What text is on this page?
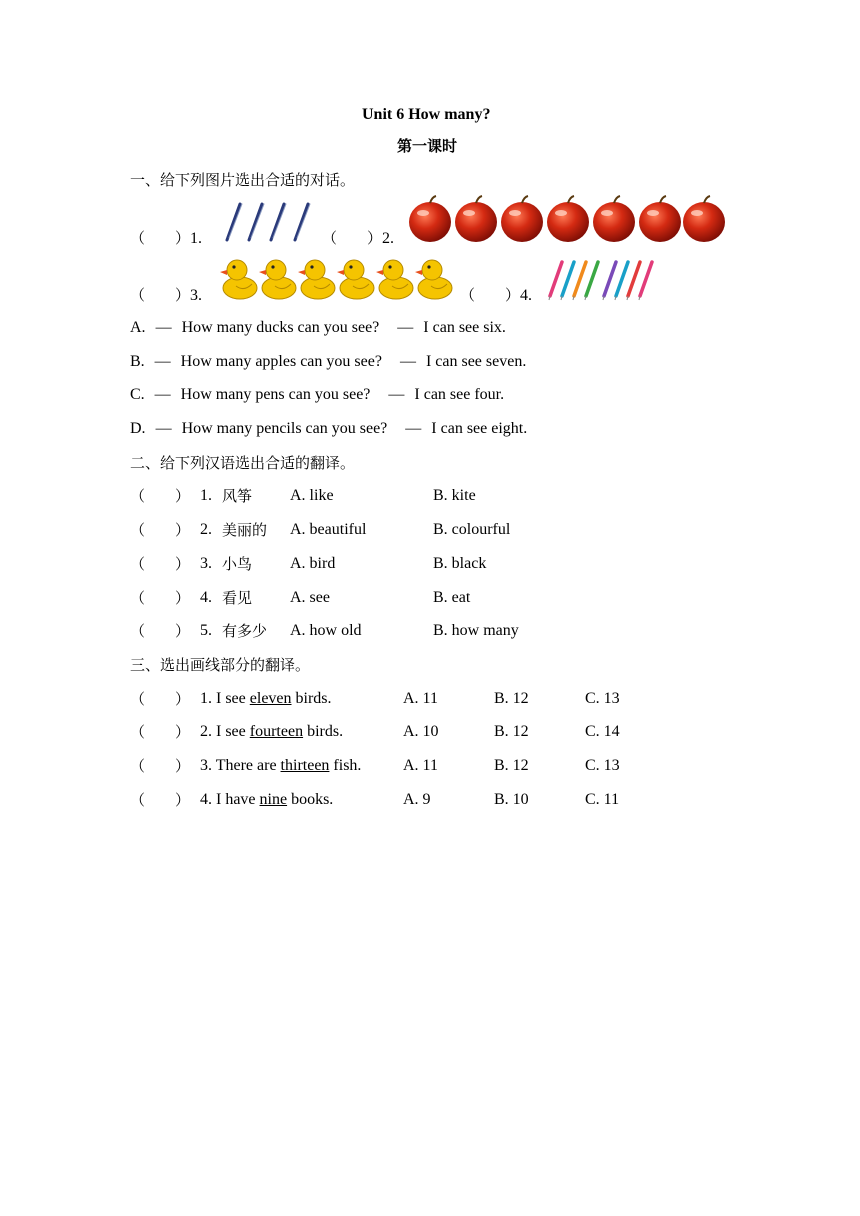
Unit 6 How many?
第一课时
一、给下列图片选出合适的对话。
（　　）1.	（　　）2.
（　　）3.	（　　）4.
A. — How many ducks can you see? — I can see six.
B. — How many apples can you see? — I can see seven.
C. — How many pens can you see? — I can see four.
D. — How many pencils can you see? — I can see eight.
二、给下列汉语选出合适的翻译。
（　　） 1. 风筝 A. like	B. kite
（　　） 2. 美丽的 A. beautiful	B. colourful
（　　） 3. 小鸟 A. bird	B. black
（　　） 4. 看见 A. see	B. eat
（　　） 5. 有多少 A. how old	B. how many
三、选出画线部分的翻译。
（　　） 1. I see eleven birds.	A. 11	B. 12	C. 13
（　　） 2. I see fourteen birds.	A. 10	B. 12	C. 14
（　　） 3. There are thirteen fish.	A. 11	B. 12	C. 13
（　　） 4. I have nine books.	A. 9	B. 10	C. 11
